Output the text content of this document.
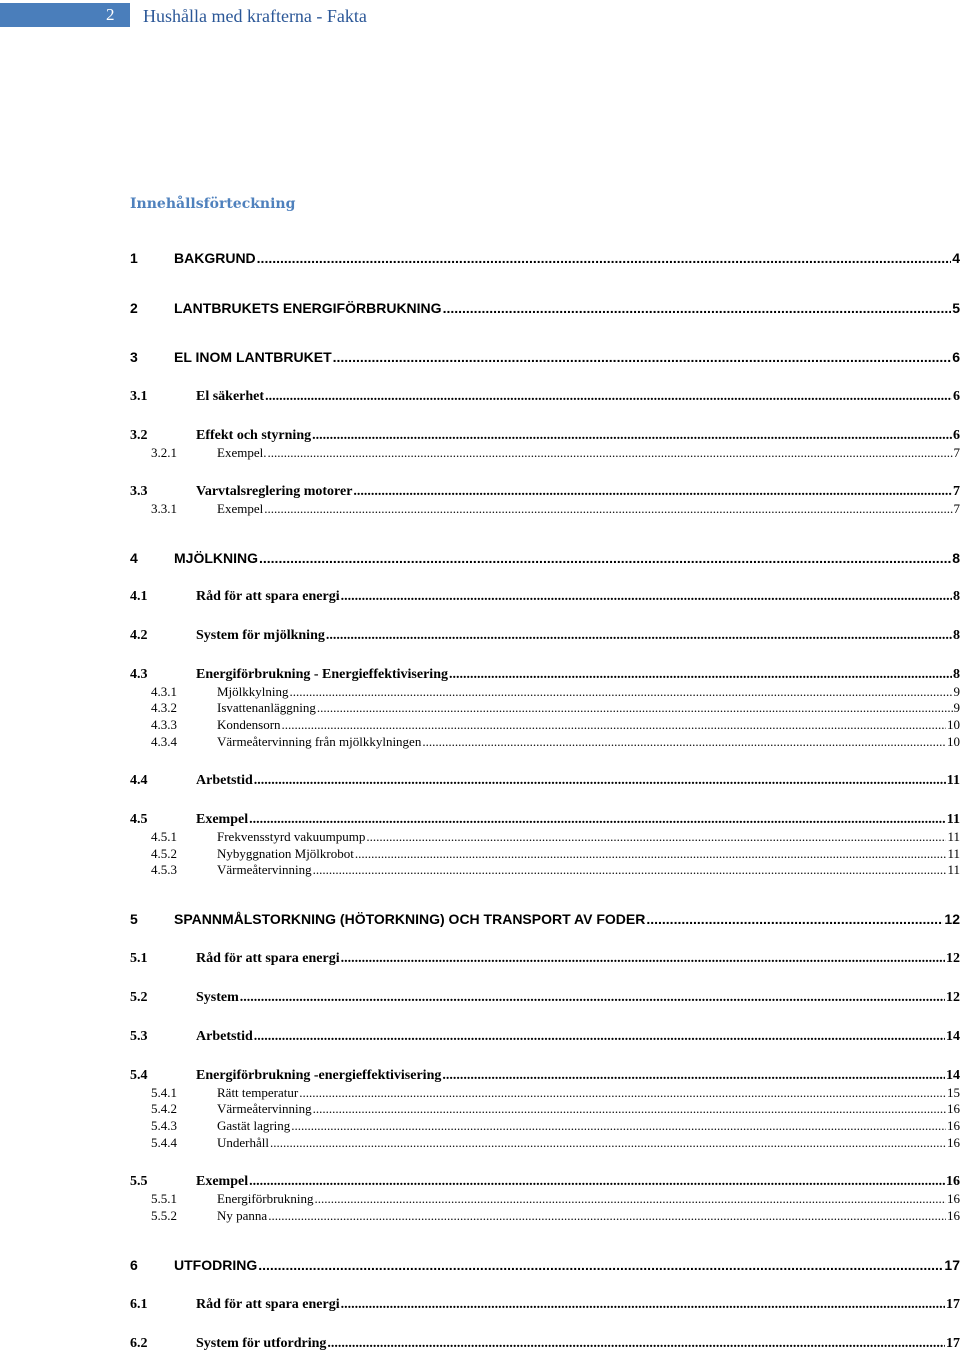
2	Hushålla med krafterna - Fakta
Innehållsförteckning
1	BAKGRUND .....	4
2	LANTBRUKETS ENERGIFÖRBRUKNING .....	5
3	EL INOM LANTBRUKET .....	6
3.1	El säkerhet .....	6
3.2	Effekt och styrning .....	6
3.2.1	Exempel. .....	7
3.3	Varvtalsreglering motorer .....	7
3.3.1	Exempel .....	7
4	MJÖLKNING .....	8
4.1	Råd för att spara energi .....	8
4.2	System för mjölkning .....	8
4.3	Energiförbrukning - Energieffektivisering .....	8
4.3.1	Mjölkkylning .....	9
4.3.2	Isvattenanläggning .....	9
4.3.3	Kondensorn .....	10
4.3.4	Värmeåtervinning från mjölkkylningen .....	10
4.4	Arbetstid .....	11
4.5	Exempel .....	11
4.5.1	Frekvensstyrd vakuumpump .....	11
4.5.2	Nybyggnation Mjölkrobot .....	11
4.5.3	Värmeåtervinning .....	11
5	SPANNMÅLSTORKNING (HÖTORKNING) OCH TRANSPORT AV FODER .....	12
5.1	Råd för att spara energi .....	12
5.2	System .....	12
5.3	Arbetstid .....	14
5.4	Energiförbrukning -energieffektivisering .....	14
5.4.1	Rätt temperatur .....	15
5.4.2	Värmeåtervinning .....	16
5.4.3	Gastät lagring .....	16
5.4.4	Underhåll .....	16
5.5	Exempel .....	16
5.5.1	Energiförbrukning .....	16
5.5.2	Ny panna .....	16
6	UTFODRING .....	17
6.1	Råd för att spara energi .....	17
6.2	System för utfordring .....	17
